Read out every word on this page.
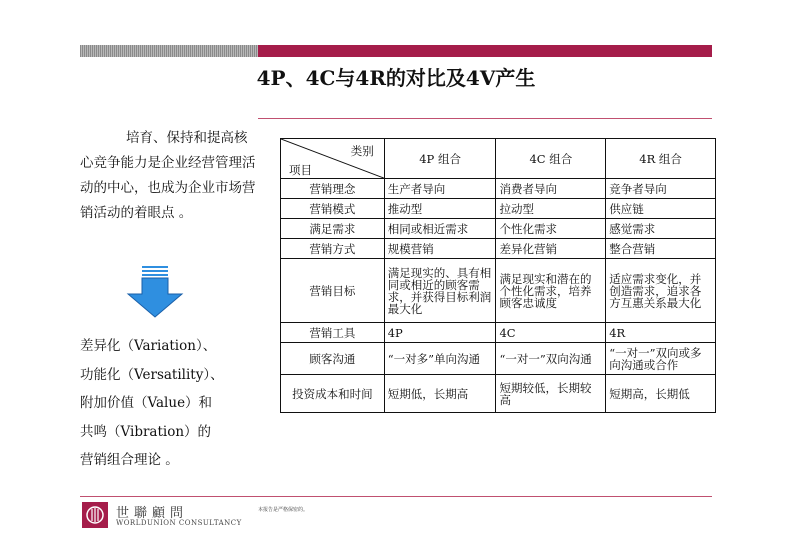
4P、4C与4R的对比及4V产生

培育、保持和提高核心竞争能力是企业经营管理活动的中心，也成为企业市场营销活动的着眼点 。

差异化（Variation）、
功能化（Versatility）、
附加价值（Value）和
共鸣（Vibration）的
营销组合理论 。
类别
项目	4P 组合	4C 组合	4R 组合
营销理念	生产者导向	消费者导向	竞争者导向
营销模式	推动型	拉动型	供应链
满足需求	相同或相近需求	个性化需求	感觉需求
营销方式	规模营销	差异化营销	整合营销
营销目标	满足现实的、具有相同或相近的顾客需求，并获得目标利润最大化	满足现实和潜在的个性化需求，培养顾客忠诚度	适应需求变化，并创造需求，追求各方互惠关系最大化
营销工具	4P	4C	4R
顾客沟通	“一对多”单向沟通	“一对一”双向沟通	“一对一”双向或多向沟通或合作
投资成本和时间	短期低，长期高	短期较低，长期较高	短期高，长期低
世聯顧問
WORLDUNION CONSULTANCY
本报告是严格保密的。
